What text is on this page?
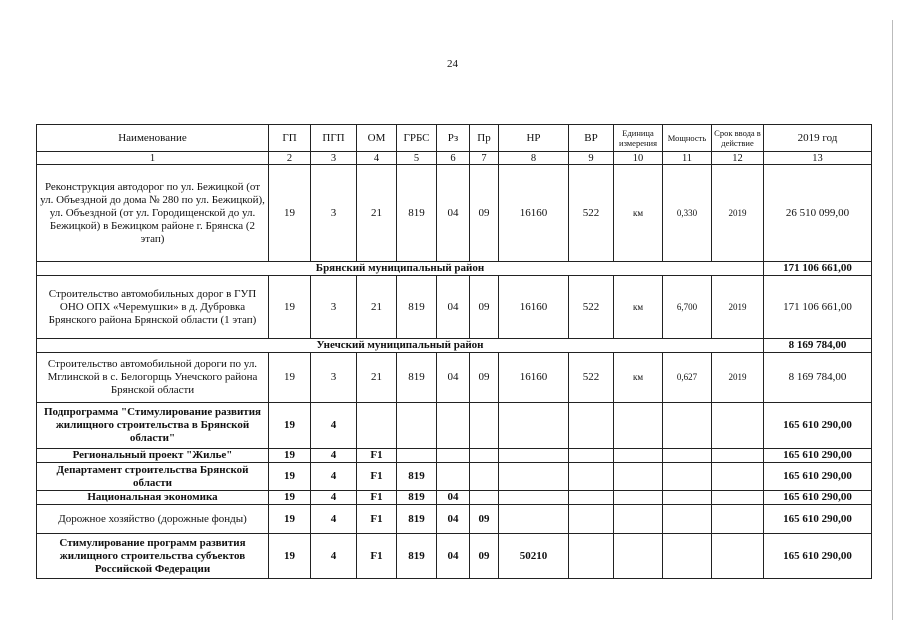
24
Наименование	ГП	ПГП	ОМ	ГРБС	Рз	Пр	НР	ВР	Единица измерения	Мощность	Срок ввода в действие	2019 год
1	2	3	4	5	6	7	8	9	10	11	12	13
Реконструкция автодорог по ул. Бежицкой (от ул. Объездной до дома № 280 по ул. Бежицкой), ул. Объездной (от ул. Городищенской до ул. Бежицкой) в Бежицком районе г. Брянска (2 этап)	19	3	21	819	04	09	16160	522	км	0,330	2019	26 510 099,00
Брянский муниципальный район												171 106 661,00
Строительство автомобильных дорог в ГУП ОНО ОПХ «Черемушки» в д. Дубровка Брянского района Брянской области (1 этап)	19	3	21	819	04	09	16160	522	км	6,700	2019	171 106 661,00
Унечский муниципальный район												8 169 784,00
Строительство автомобильной дороги по ул. Мглинской в с. Белогорщь Унечского района Брянской области	19	3	21	819	04	09	16160	522	км	0,627	2019	8 169 784,00
Подпрограмма "Стимулирование развития жилищного строительства в Брянской области"	19	4										165 610 290,00
Региональный проект "Жилье"	19	4	F1									165 610 290,00
Департамент строительства Брянской области	19	4	F1	819								165 610 290,00
Национальная экономика	19	4	F1	819	04							165 610 290,00
Дорожное хозяйство (дорожные фонды)	19	4	F1	819	04	09						165 610 290,00
Стимулирование программ развития жилищного строительства субъектов Российской Федерации	19	4	F1	819	04	09	50210					165 610 290,00
